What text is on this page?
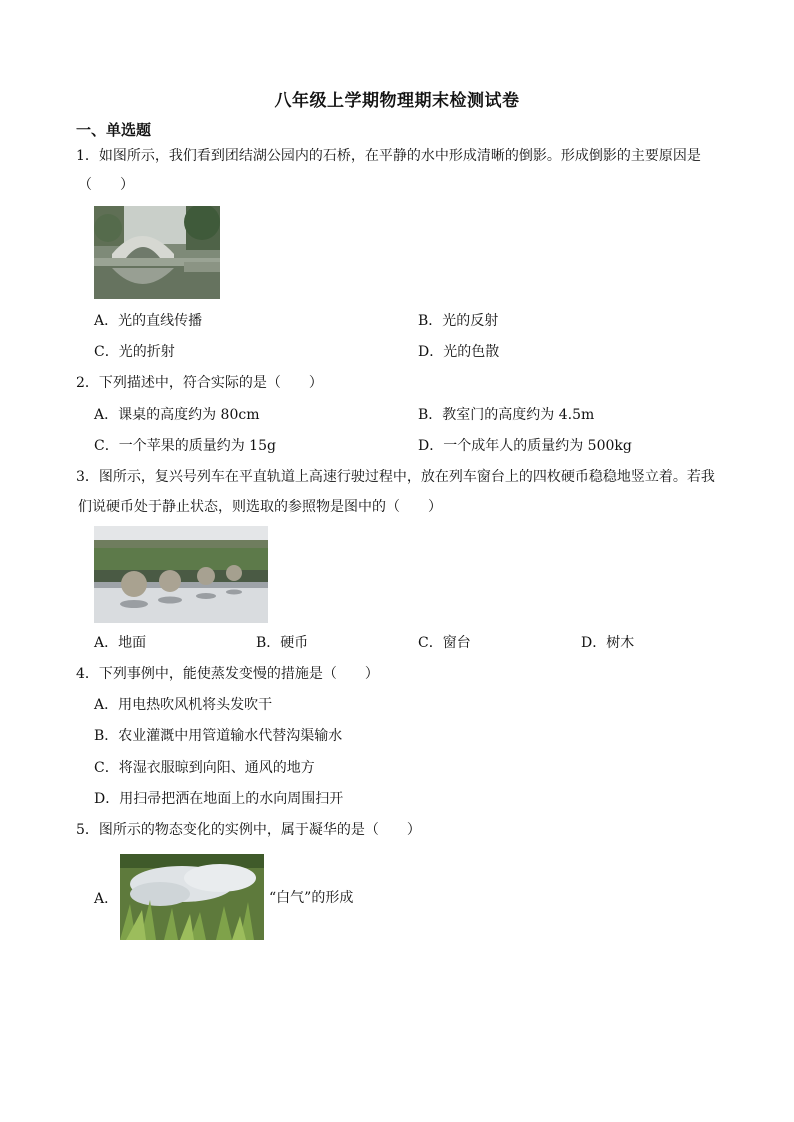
八年级上学期物理期末检测试卷
一、单选题
1．如图所示，我们看到团结湖公园内的石桥，在平静的水中形成清晰的倒影。形成倒影的主要原因是
（　　）
A．光的直线传播	B．光的反射
C．光的折射	D．光的色散
2．下列描述中，符合实际的是（　　）
A．课桌的高度约为 80cm	B．教室门的高度约为 4.5m
C．一个苹果的质量约为 15g	D．一个成年人的质量约为 500kg
3．图所示，复兴号列车在平直轨道上高速行驶过程中，放在列车窗台上的四枚硬币稳稳地竖立着。若我
们说硬币处于静止状态，则选取的参照物是图中的（　　）
A．地面	B．硬币	C．窗台	D．树木
4．下列事例中，能使蒸发变慢的措施是（　　）
A．用电热吹风机将头发吹干
B．农业灌溉中用管道输水代替沟渠输水
C．将湿衣服晾到向阳、通风的地方
D．用扫帚把洒在地面上的水向周围扫开
5．图所示的物态变化的实例中，属于凝华的是（　　）
A．	“白气”的形成
